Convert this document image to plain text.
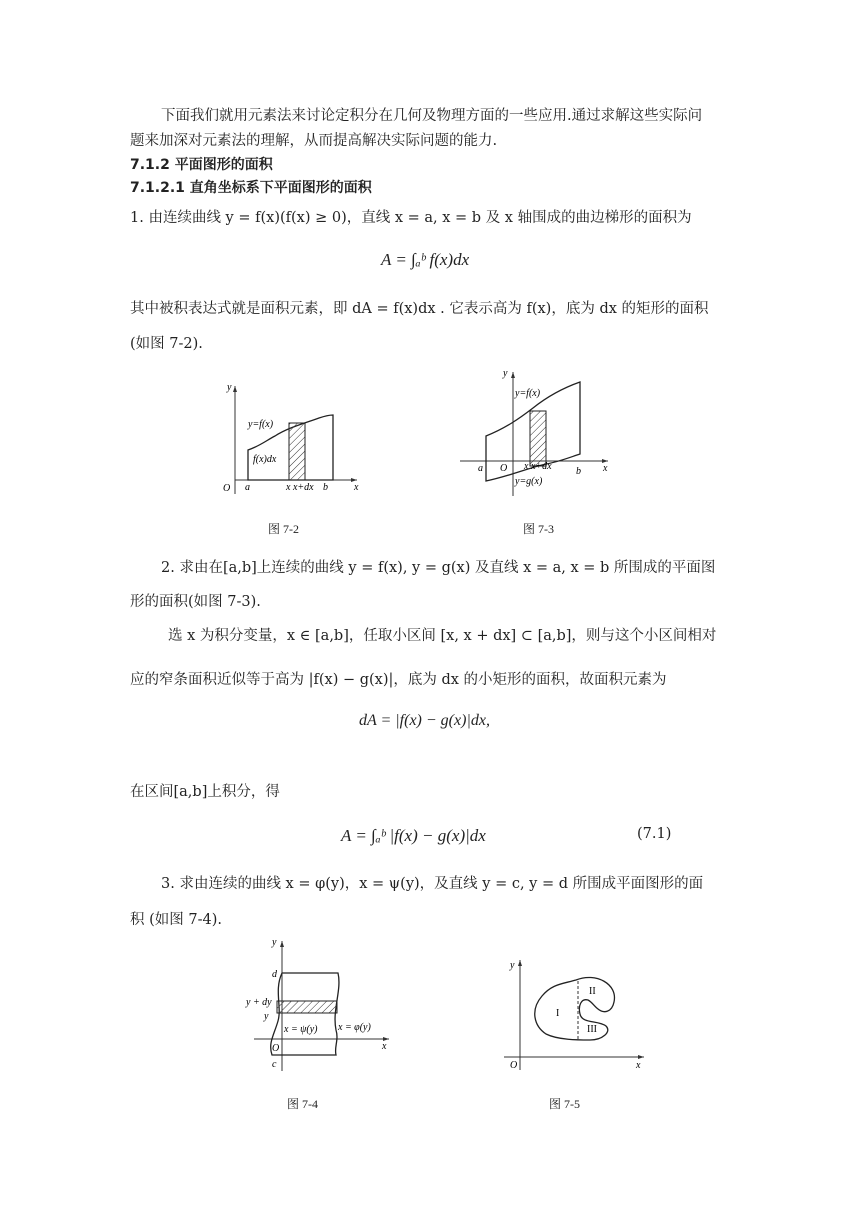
下面我们就用元素法来讨论定积分在几何及物理方面的一些应用.通过求解这些实际问
题来加深对元素法的理解，从而提高解决实际问题的能力.
7.1.2 平面图形的面积
7.1.2.1 直角坐标系下平面图形的面积
1. 由连续曲线 y = f(x)(f(x) ≥ 0)，直线 x = a, x = b 及 x 轴围成的曲边梯形的面积为
A = ∫ₐᵇ f(x)dx
其中被积表达式就是面积元素，即 dA = f(x)dx . 它表示高为 f(x)，底为 dx 的矩形的面积
(如图 7-2).
y
x
O a	b
y=f(x)
f(x)dx
x x+dx
图 7-2
y
x
O
a	b
y=f(x)
y=g(x)
x x+dx
图 7-3
2. 求由在[a,b]上连续的曲线 y = f(x), y = g(x) 及直线 x = a, x = b 所围成的平面图
形的面积(如图 7-3).
选 x 为积分变量，x ∈ [a,b]，任取小区间 [x, x + dx] ⊂ [a,b]，则与这个小区间相对
应的窄条面积近似等于高为 |f(x) − g(x)|，底为 dx 的小矩形的面积，故面积元素为
dA = |f(x) − g(x)|dx,
在区间[a,b]上积分，得
A = ∫ₐᵇ |f(x) − g(x)|dx	(7.1)
3. 求由连续的曲线 x = φ(y)，x = ψ(y)，及直线 y = c, y = d 所围成平面图形的面
积 (如图 7-4).
y
x
O
d
c
y + dy
y
x = ψ(y) x = φ(y)
图 7-4
y
x
O
I
II
III
图 7-5
